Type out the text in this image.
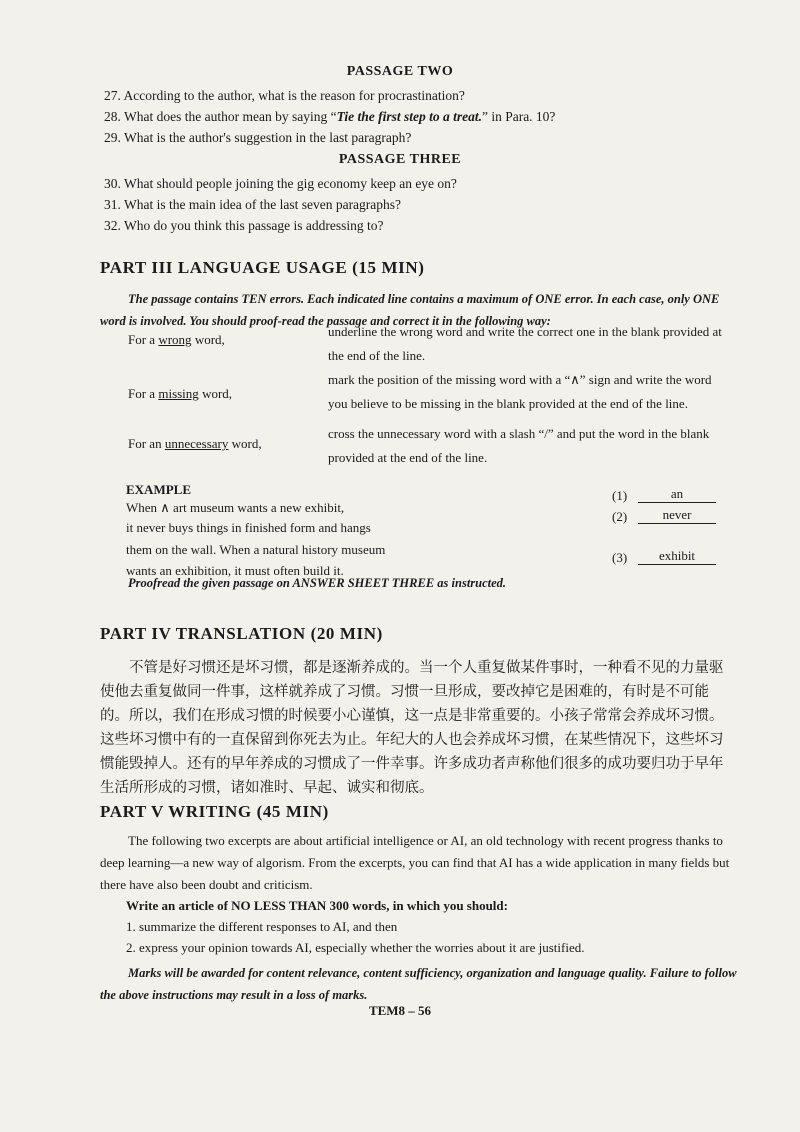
PASSAGE TWO
27. According to the author, what is the reason for procrastination?
28. What does the author mean by saying “Tie the first step to a treat.” in Para. 10?
29. What is the author's suggestion in the last paragraph?
PASSAGE THREE
30. What should people joining the gig economy keep an eye on?
31. What is the main idea of the last seven paragraphs?
32. Who do you think this passage is addressing to?
PART III LANGUAGE USAGE (15 MIN)
The passage contains TEN errors. Each indicated line contains a maximum of ONE error. In each case, only ONE word is involved. You should proof-read the passage and correct it in the following way:
For a wrong word,
underline the wrong word and write the correct one in the blank provided at the end of the line.
For a missing word,
mark the position of the missing word with a “∧” sign and write the word you believe to be missing in the blank provided at the end of the line.
For an unnecessary word,
cross the unnecessary word with a slash “/” and put the word in the blank provided at the end of the line.
EXAMPLE
When ∧ art museum wants a new exhibit,
it never buys things in finished form and hangs
them on the wall. When a natural history museum
wants an exhibition, it must often build it.
(1)	an
(2)	never
(3)	exhibit
Proofread the given passage on ANSWER SHEET THREE as instructed.
PART IV TRANSLATION (20 MIN)
不管是好习惯还是坏习惯，都是逐渐养成的。当一个人重复做某件事时，一种看不见的力量驱使他去重复做同一件事，这样就养成了习惯。习惯一旦形成，要改掉它是困难的，有时是不可能的。所以，我们在形成习惯的时候要小心谨慎，这一点是非常重要的。小孩子常常会养成坏习惯。这些坏习惯中有的一直保留到你死去为止。年纪大的人也会养成坏习惯，在某些情况下，这些坏习惯能毁掉人。还有的早年养成的习惯成了一件幸事。许多成功者声称他们很多的成功要归功于早年生活所形成的习惯，诸如准时、早起、诚实和彻底。
PART V WRITING (45 MIN)
The following two excerpts are about artificial intelligence or AI, an old technology with recent progress thanks to deep learning—a new way of algorism. From the excerpts, you can find that AI has a wide application in many fields but there have also been doubt and criticism.
Write an article of NO LESS THAN 300 words, in which you should:
1. summarize the different responses to AI, and then
2. express your opinion towards AI, especially whether the worries about it are justified.
Marks will be awarded for content relevance, content sufficiency, organization and language quality. Failure to follow the above instructions may result in a loss of marks.
TEM8 – 56
